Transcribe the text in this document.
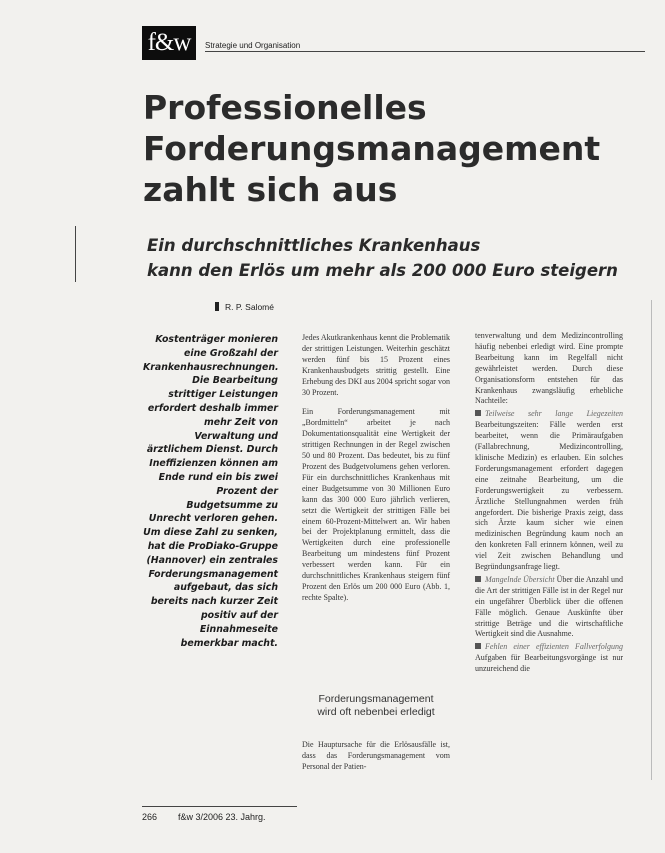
f&w	Strategie und Organisation
Professionelles
Forderungsmanagement
zahlt sich aus
Ein durchschnittliches Krankenhaus
kann den Erlös um mehr als 200 000 Euro steigern
R. P. Salomé
Kostenträger monieren eine Großzahl der Krankenhausrechnungen. Die Bearbeitung strittiger Leistungen erfordert deshalb immer mehr Zeit von Verwaltung und ärztlichem Dienst. Durch Ineffizienzen können am Ende rund ein bis zwei Prozent der Budgetsumme zu Unrecht verloren gehen. Um diese Zahl zu senken, hat die ProDiako-Gruppe (Hannover) ein zentrales Forderungsmanagement aufgebaut, das sich bereits nach kurzer Zeit positiv auf der Einnahmeseite bemerkbar macht.

Jedes Akutkrankenhaus kennt die Problematik der strittigen Leistungen. Weiterhin geschätzt werden fünf bis 15 Prozent eines Krankenhausbudgets strittig gestellt. Eine Erhebung des DKI aus 2004 spricht sogar von 30 Prozent.

Ein Forderungsmanagement mit „Bordmitteln“ arbeitet je nach Dokumentationsqualität eine Wertigkeit der strittigen Rechnungen in der Regel zwischen 50 und 80 Prozent. Das bedeutet, bis zu fünf Prozent des Budgetvolumens gehen verloren. Für ein durchschnittliches Krankenhaus mit einer Budgetsumme von 30 Millionen Euro kann das 300 000 Euro jährlich verlieren, setzt die Wertigkeit der strittigen Fälle bei einem 60-Prozent-Mittelwert an. Wir haben bei der Projektplanung ermittelt, dass die Wertigkeiten durch eine professionelle Bearbeitung um mindestens fünf Prozent verbessert werden kann. Für ein durchschnittliches Krankenhaus steigern fünf Prozent den Erlös um 200 000 Euro (Abb. 1, rechte Spalte).

Forderungsmanagement
wird oft nebenbei erledigt

Die Hauptursache für die Erlösausfälle ist, dass das Forderungsmanagement vom Personal der Patien-

tenverwaltung und dem Medizincontrolling häufig nebenbei erledigt wird. Eine prompte Bearbeitung kann im Regelfall nicht gewährleistet werden. Durch diese Organisationsform entstehen für das Krankenhaus zwangsläufig erhebliche Nachteile:

Teilweise sehr lange Liegezeiten Bearbeitungszeiten: Fälle werden erst bearbeitet, wenn die Primäraufgaben (Fallabrechnung, Medizincontrolling, klinische Medizin) es erlauben. Ein solches Forderungsmanagement erfordert dagegen eine zeitnahe Bearbeitung, um die Forderungswertigkeit zu verbessern. Ärztliche Stellungnahmen werden früh angefordert. Die bisherige Praxis zeigt, dass sich Ärzte kaum sicher wie einen medizinischen Begründung kaum noch an den konkreten Fall erinnern können, weil zu viel Zeit zwischen Behandlung und Begründungsanfrage liegt.

Mangelnde Übersicht Über die Anzahl und die Art der strittigen Fälle ist in der Regel nur ein ungefährer Überblick über die offenen Fälle möglich. Genaue Auskünfte über strittige Beträge und die wirtschaftliche Wertigkeit sind die Ausnahme.

Fehlen einer effizienten Fallverfolgung Aufgaben für Bearbeitungsvorgänge ist nur unzureichend die

266 f&w 3/2006 23. Jahrg.
